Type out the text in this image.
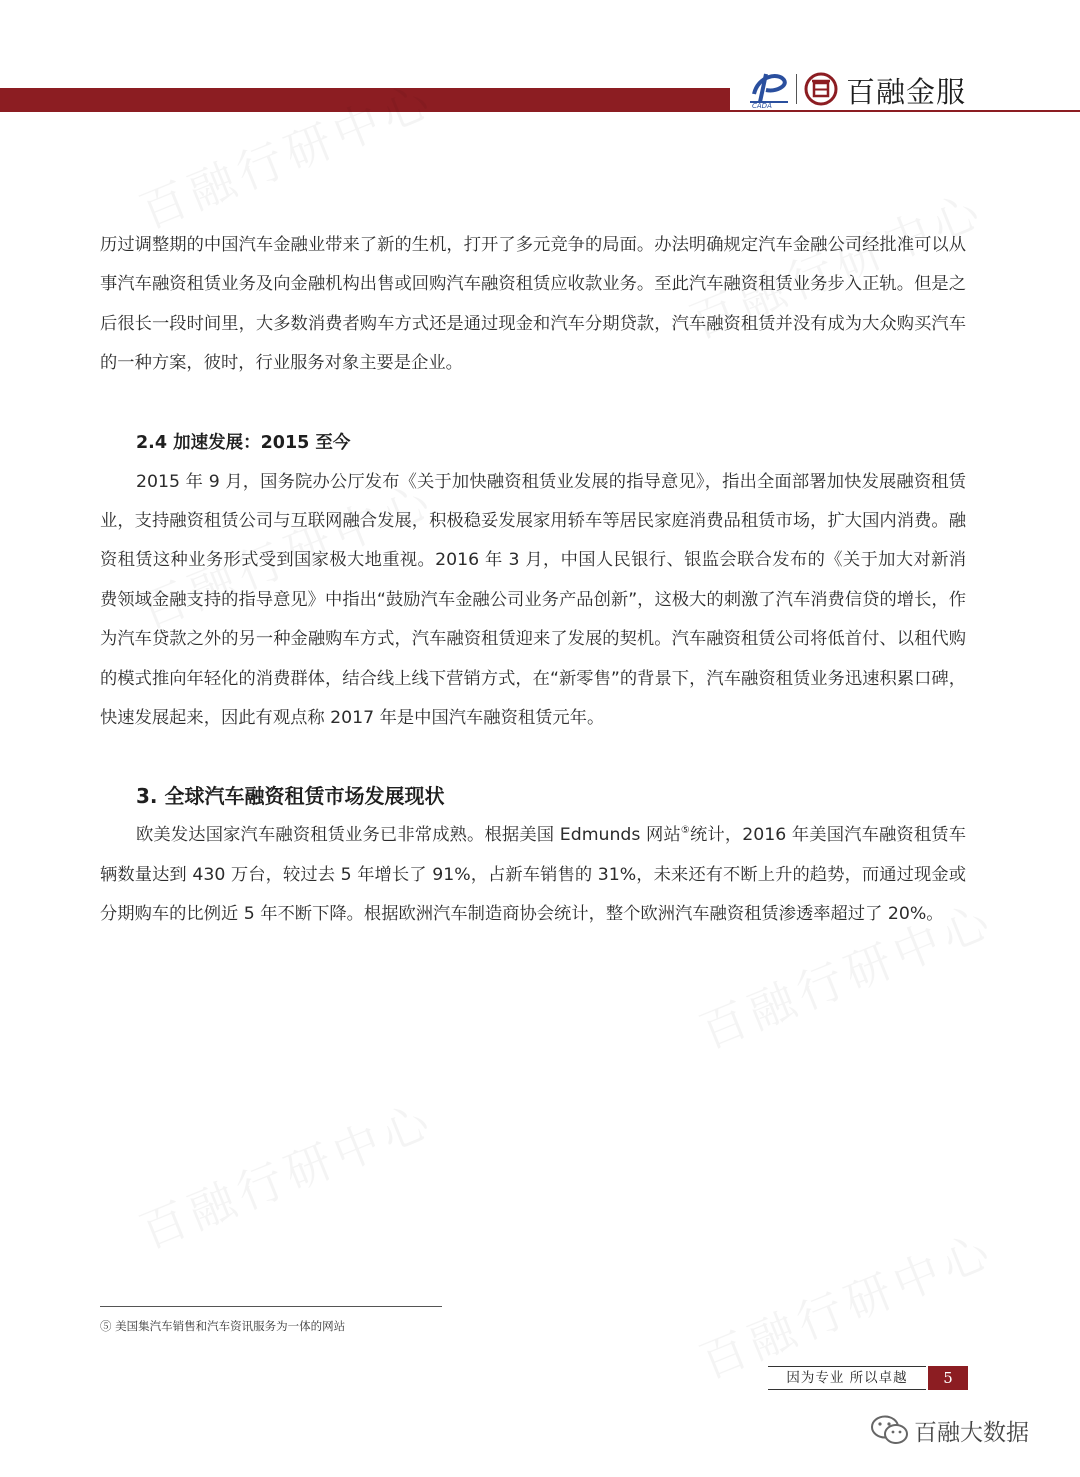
CADA	百融金服

历过调整期的中国汽车金融业带来了新的生机，打开了多元竞争的局面。办法明确规定汽车金融公司经批准可以从事汽车融资租赁业务及向金融机构出售或回购汽车融资租赁应收款业务。至此汽车融资租赁业务步入正轨。但是之后很长一段时间里，大多数消费者购车方式还是通过现金和汽车分期贷款，汽车融资租赁并没有成为大众购买汽车的一种方案，彼时，行业服务对象主要是企业。

2.4 加速发展：2015 至今

2015 年 9 月，国务院办公厅发布《关于加快融资租赁业发展的指导意见》，指出全面部署加快发展融资租赁业，支持融资租赁公司与互联网融合发展，积极稳妥发展家用轿车等居民家庭消费品租赁市场，扩大国内消费。融资租赁这种业务形式受到国家极大地重视。2016 年 3 月，中国人民银行、银监会联合发布的《关于加大对新消费领域金融支持的指导意见》中指出“鼓励汽车金融公司业务产品创新”，这极大的刺激了汽车消费信贷的增长，作为汽车贷款之外的另一种金融购车方式，汽车融资租赁迎来了发展的契机。汽车融资租赁公司将低首付、以租代购的模式推向年轻化的消费群体，结合线上线下营销方式，在“新零售”的背景下，汽车融资租赁业务迅速积累口碑，快速发展起来，因此有观点称 2017 年是中国汽车融资租赁元年。

3. 全球汽车融资租赁市场发展现状

欧美发达国家汽车融资租赁业务已非常成熟。根据美国 Edmunds 网站⑤统计，2016 年美国汽车融资租赁车辆数量达到 430 万台，较过去 5 年增长了 91%，占新车销售的 31%，未来还有不断上升的趋势，而通过现金或分期购车的比例近 5 年不断下降。根据欧洲汽车制造商协会统计，整个欧洲汽车融资租赁渗透率超过了 20%。

⑤ 美国集汽车销售和汽车资讯服务为一体的网站
因为专业 所以卓越	5
百融大数据
